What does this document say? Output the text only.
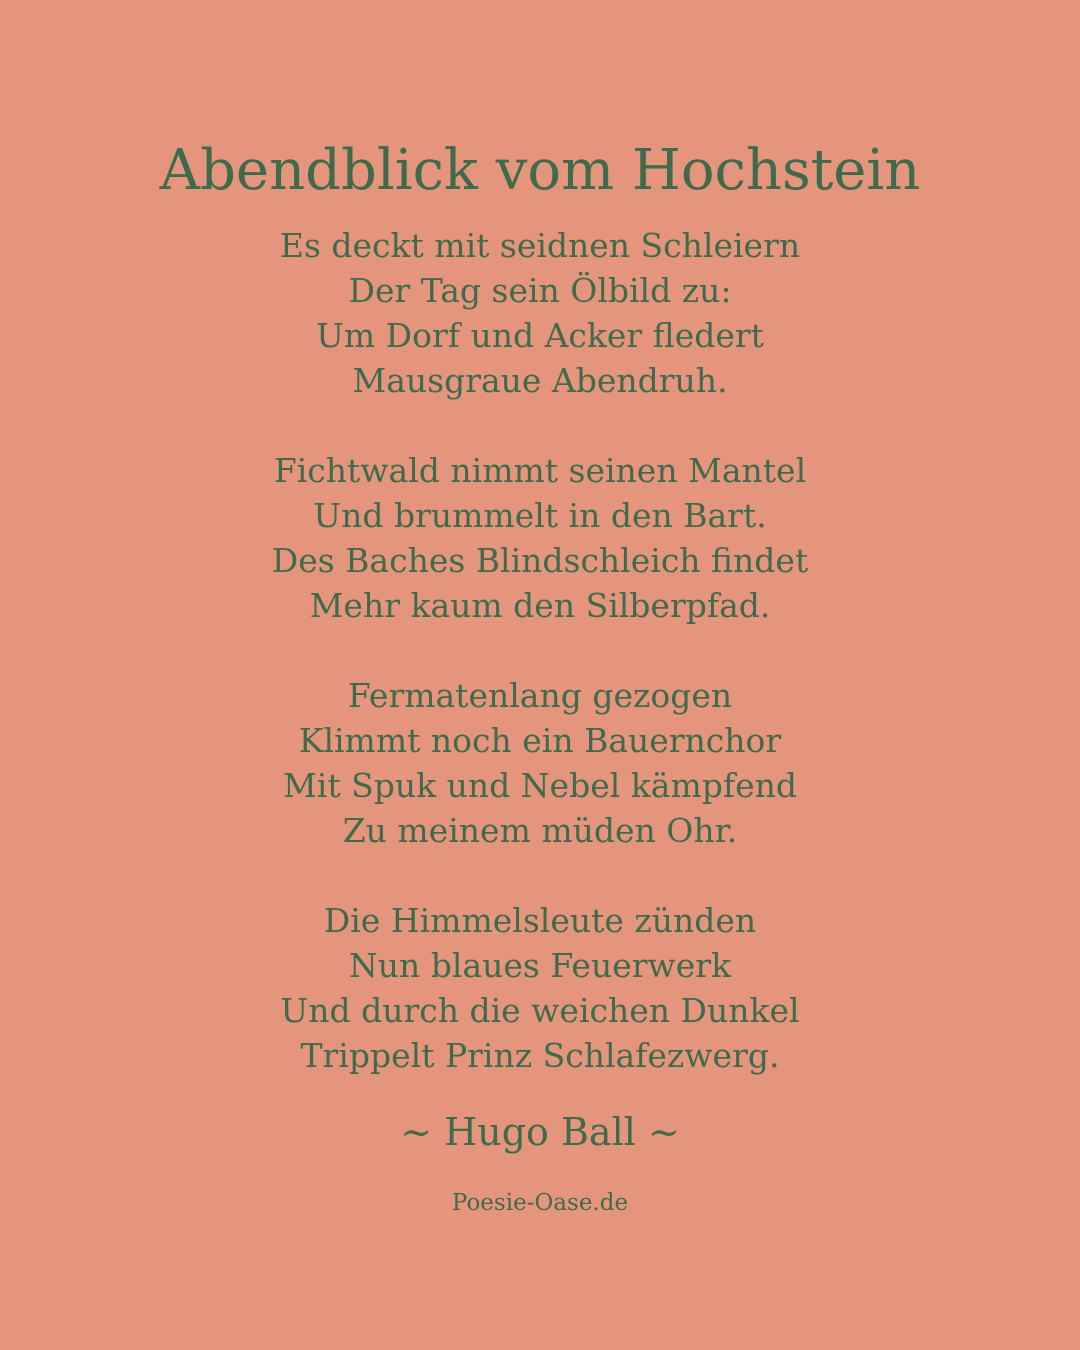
Abendblick vom Hochstein
Es deckt mit seidnen Schleiern
Der Tag sein Ölbild zu:
Um Dorf und Acker fledert
Mausgraue Abendruh.
Fichtwald nimmt seinen Mantel
Und brummelt in den Bart.
Des Baches Blindschleich findet
Mehr kaum den Silberpfad.
Fermatenlang gezogen
Klimmt noch ein Bauernchor
Mit Spuk und Nebel kämpfend
Zu meinem müden Ohr.
Die Himmelsleute zünden
Nun blaues Feuerwerk
Und durch die weichen Dunkel
Trippelt Prinz Schlafezwerg.
~ Hugo Ball ~
Poesie-Oase.de
